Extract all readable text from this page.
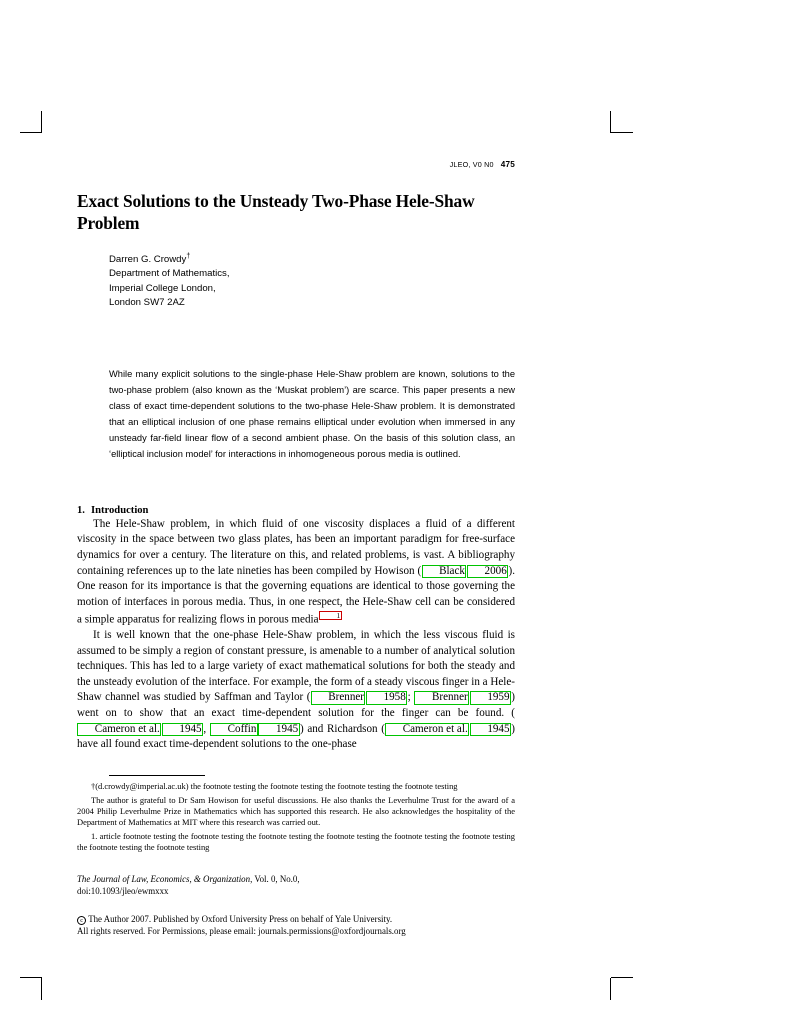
JLEO, V0 N0 475
Exact Solutions to the Unsteady Two-Phase Hele-Shaw Problem
Darren G. Crowdy†
Department of Mathematics,
Imperial College London,
London SW7 2AZ
While many explicit solutions to the single-phase Hele-Shaw problem are known, solutions to the two-phase problem (also known as the ‘Muskat problem’) are scarce. This paper presents a new class of exact time-dependent solutions to the two-phase Hele-Shaw problem. It is demonstrated that an elliptical inclusion of one phase remains elliptical under evolution when immersed in any unsteady far-field linear flow of a second ambient phase. On the basis of this solution class, an ‘elliptical inclusion model’ for interactions in inhomogeneous porous media is outlined.
1. Introduction

The Hele-Shaw problem, in which fluid of one viscosity displaces a fluid of a different viscosity in the space between two glass plates, has been an important paradigm for free-surface dynamics for over a century. The literature on this, and related problems, is vast. A bibliography containing references up to the late nineties has been compiled by Howison ( Black 2006 ). One reason for its importance is that the governing equations are identical to those governing the motion of interfaces in porous media. Thus, in one respect, the Hele-Shaw cell can be considered a simple apparatus for realizing flows in porous media 1

It is well known that the one-phase Hele-Shaw problem, in which the less viscous fluid is assumed to be simply a region of constant pressure, is amenable to a number of analytical solution techniques. This has led to a large variety of exact mathematical solutions for both the steady and the unsteady evolution of the interface. For example, the form of a steady viscous finger in a Hele-Shaw channel was studied by Saffman and Taylor ( Brenner 1958 ; Brenner 1959 ) went on to show that an exact time-dependent solution for the finger can be found. (Cameron et al. 1945 , Coffin 1945 ) and Richardson ( Cameron et al. 1945 ) have all found exact time-dependent solutions to the one-phase

†(d.crowdy@imperial.ac.uk) the footnote testing the footnote testing the footnote testing the footnote testing

The author is grateful to Dr Sam Howison for useful discussions. He also thanks the Leverhulme Trust for the award of a 2004 Philip Leverhulme Prize in Mathematics which has supported this research. He also acknowledges the hospitality of the Department of Mathematics at MIT where this research was carried out.

1. article footnote testing the footnote testing the footnote testing the footnote testing the footnote testing the footnote testing the footnote testing the footnote testing

The Journal of Law, Economics, & Organization, Vol. 0, No.0,
doi:10.1093/jleo/ewmxxx
c The Author 2007. Published by Oxford University Press on behalf of Yale University.
All rights reserved. For Permissions, please email: journals.permissions@oxfordjournals.org
